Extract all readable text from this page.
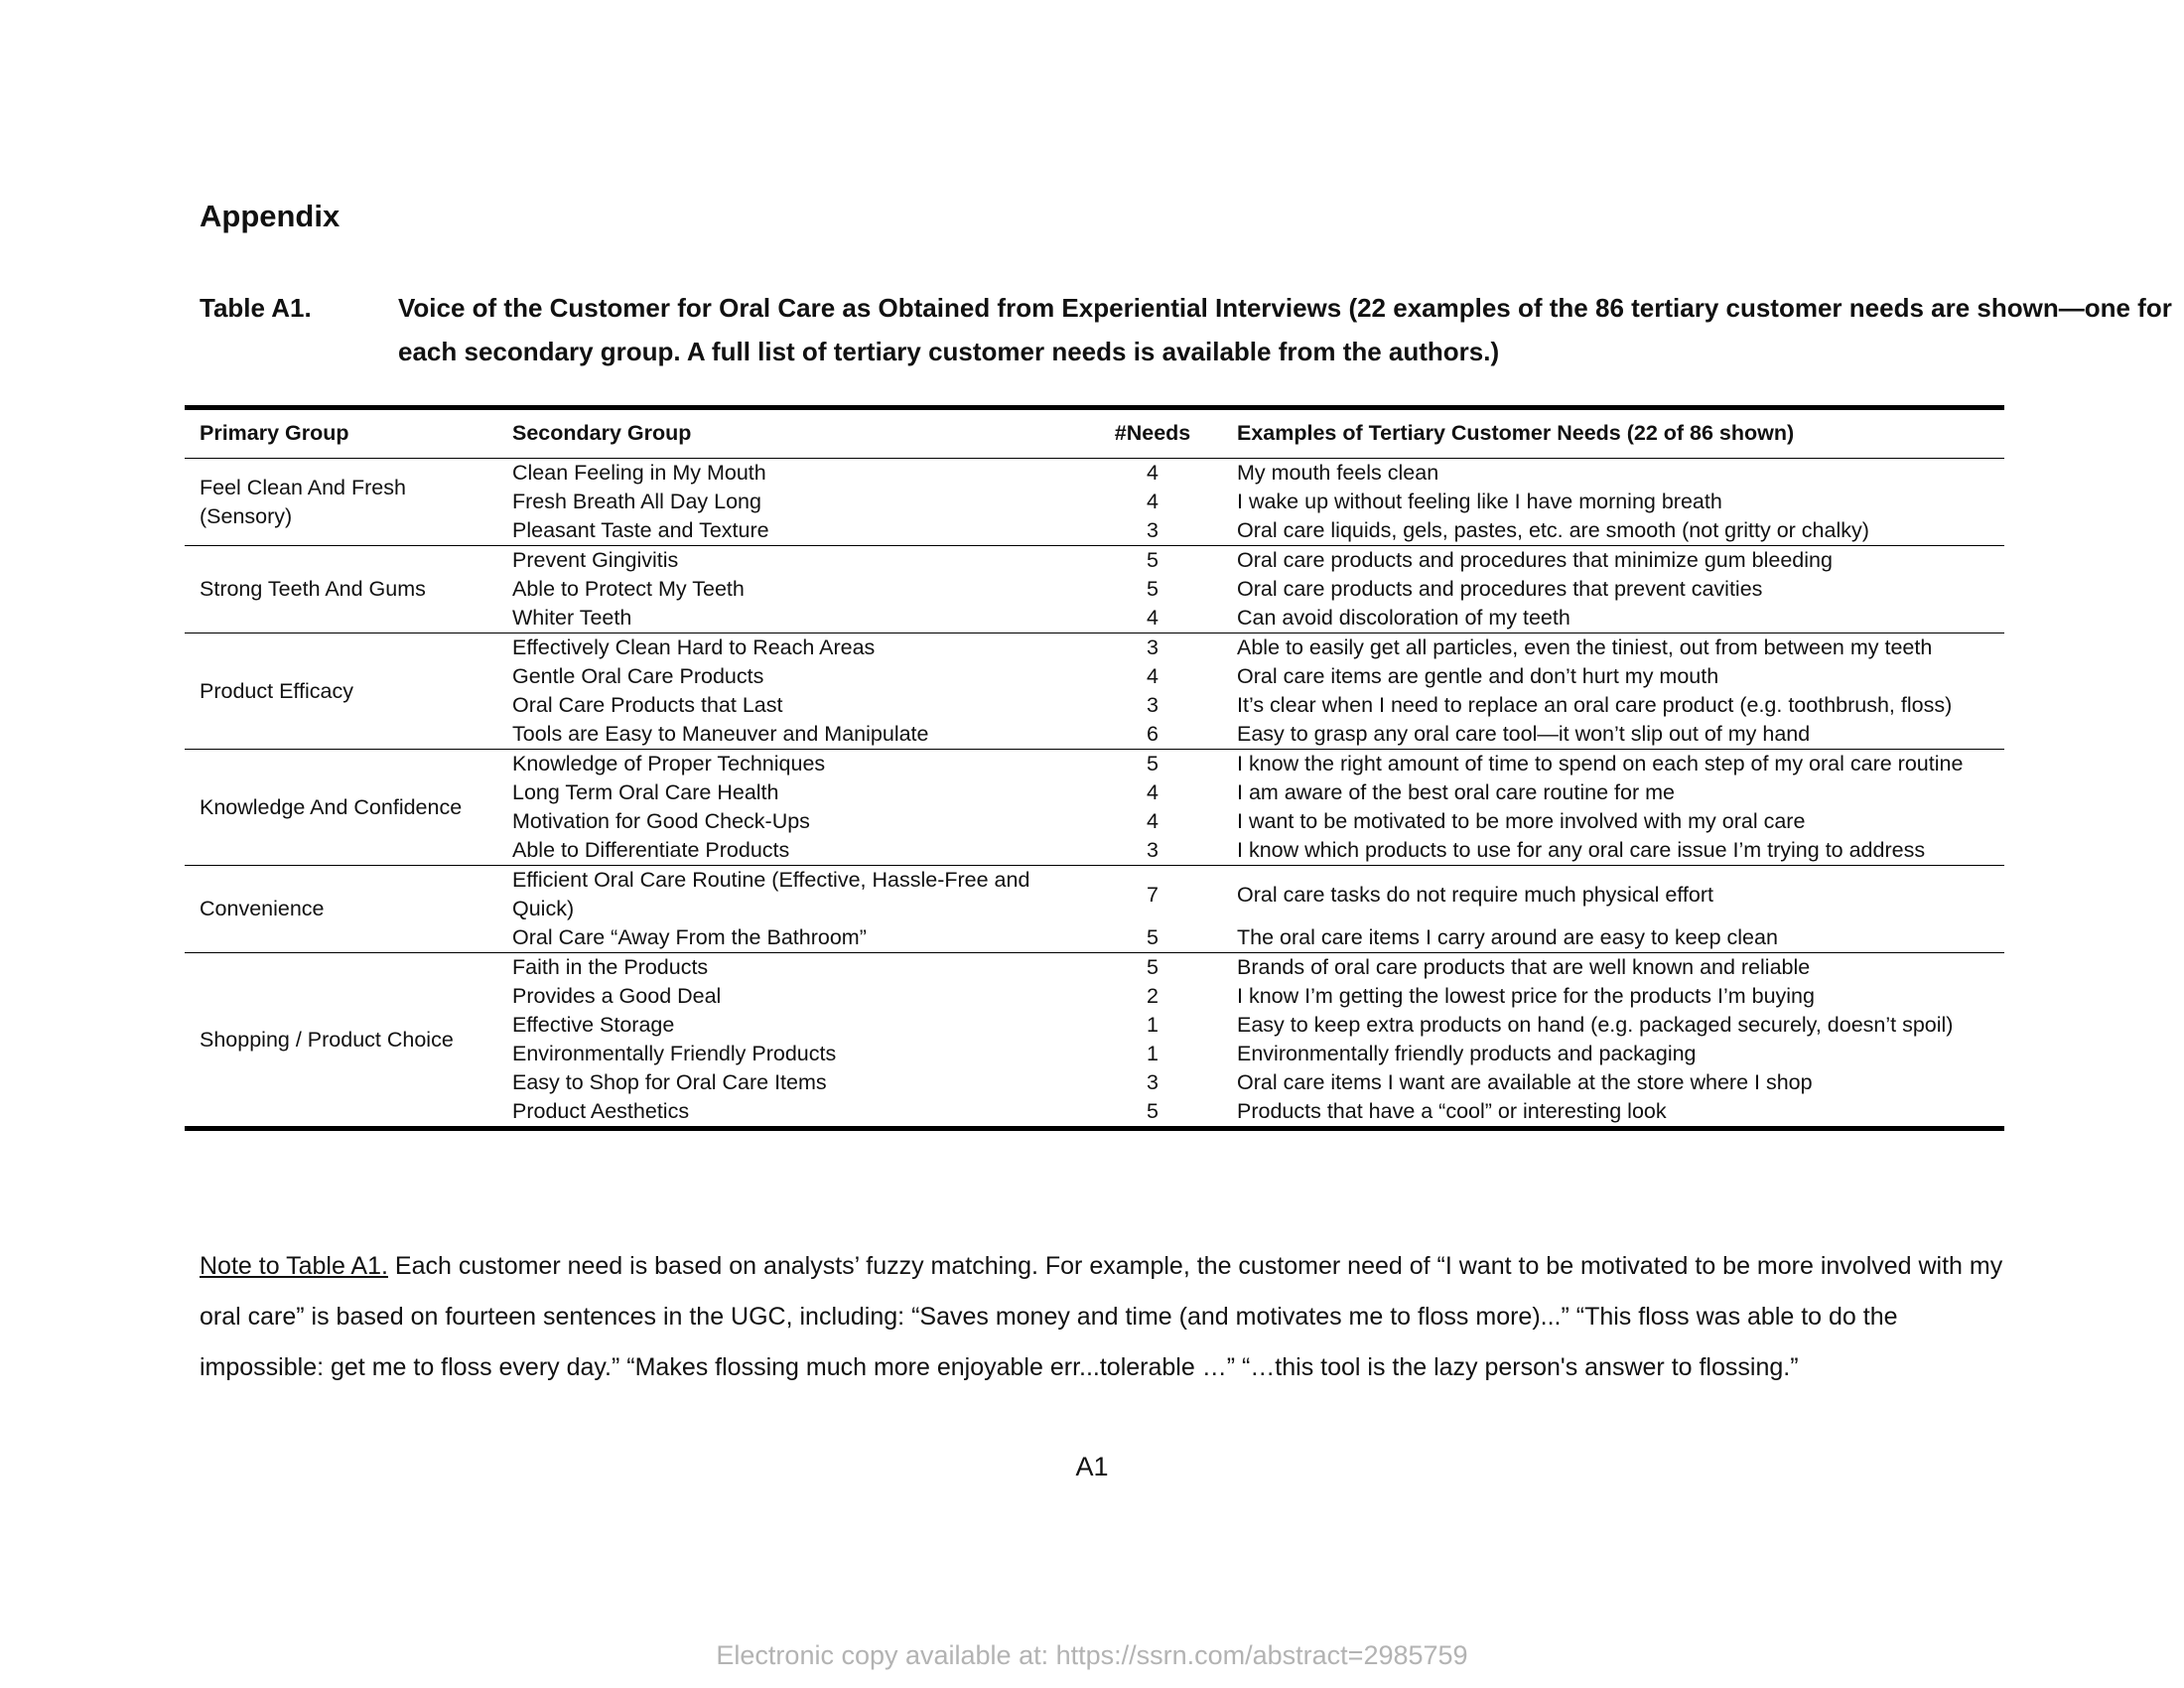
Appendix
Table A1.	Voice of the Customer for Oral Care as Obtained from Experiential Interviews (22 examples of the 86 tertiary customer needs are shown—one for each secondary group. A full list of tertiary customer needs is available from the authors.)
Primary Group	Secondary Group	#Needs	Examples of Tertiary Customer Needs (22 of 86 shown)
Feel Clean And Fresh (Sensory)	Clean Feeling in My Mouth	4	My mouth feels clean
	Fresh Breath All Day Long	4	I wake up without feeling like I have morning breath
	Pleasant Taste and Texture	3	Oral care liquids, gels, pastes, etc. are smooth (not gritty or chalky)
Strong Teeth And Gums	Prevent Gingivitis	5	Oral care products and procedures that minimize gum bleeding
	Able to Protect My Teeth	5	Oral care products and procedures that prevent cavities
	Whiter Teeth	4	Can avoid discoloration of my teeth
Product Efficacy	Effectively Clean Hard to Reach Areas	3	Able to easily get all particles, even the tiniest, out from between my teeth
	Gentle Oral Care Products	4	Oral care items are gentle and don’t hurt my mouth
	Oral Care Products that Last	3	It’s clear when I need to replace an oral care product (e.g. toothbrush, floss)
	Tools are Easy to Maneuver and Manipulate	6	Easy to grasp any oral care tool—it won’t slip out of my hand
Knowledge And Confidence	Knowledge of Proper Techniques	5	I know the right amount of time to spend on each step of my oral care routine
	Long Term Oral Care Health	4	I am aware of the best oral care routine for me
	Motivation for Good Check-Ups	4	I want to be motivated to be more involved with my oral care
	Able to Differentiate Products	3	I know which products to use for any oral care issue I’m trying to address
Convenience	Efficient Oral Care Routine (Effective, Hassle-Free and Quick)	7	Oral care tasks do not require much physical effort
	Oral Care “Away From the Bathroom”	5	The oral care items I carry around are easy to keep clean
Shopping / Product Choice	Faith in the Products	5	Brands of oral care products that are well known and reliable
	Provides a Good Deal	2	I know I’m getting the lowest price for the products I’m buying
	Effective Storage	1	Easy to keep extra products on hand (e.g. packaged securely, doesn’t spoil)
	Environmentally Friendly Products	1	Environmentally friendly products and packaging
	Easy to Shop for Oral Care Items	3	Oral care items I want are available at the store where I shop
	Product Aesthetics	5	Products that have a “cool” or interesting look
Note to Table A1. Each customer need is based on analysts’ fuzzy matching. For example, the customer need of “I want to be motivated to be more involved with my oral care” is based on fourteen sentences in the UGC, including: “Saves money and time (and motivates me to floss more)...” “This floss was able to do the impossible: get me to floss every day.” “Makes flossing much more enjoyable err...tolerable …” “…this tool is the lazy person's answer to flossing.”
A1
Electronic copy available at: https://ssrn.com/abstract=2985759
